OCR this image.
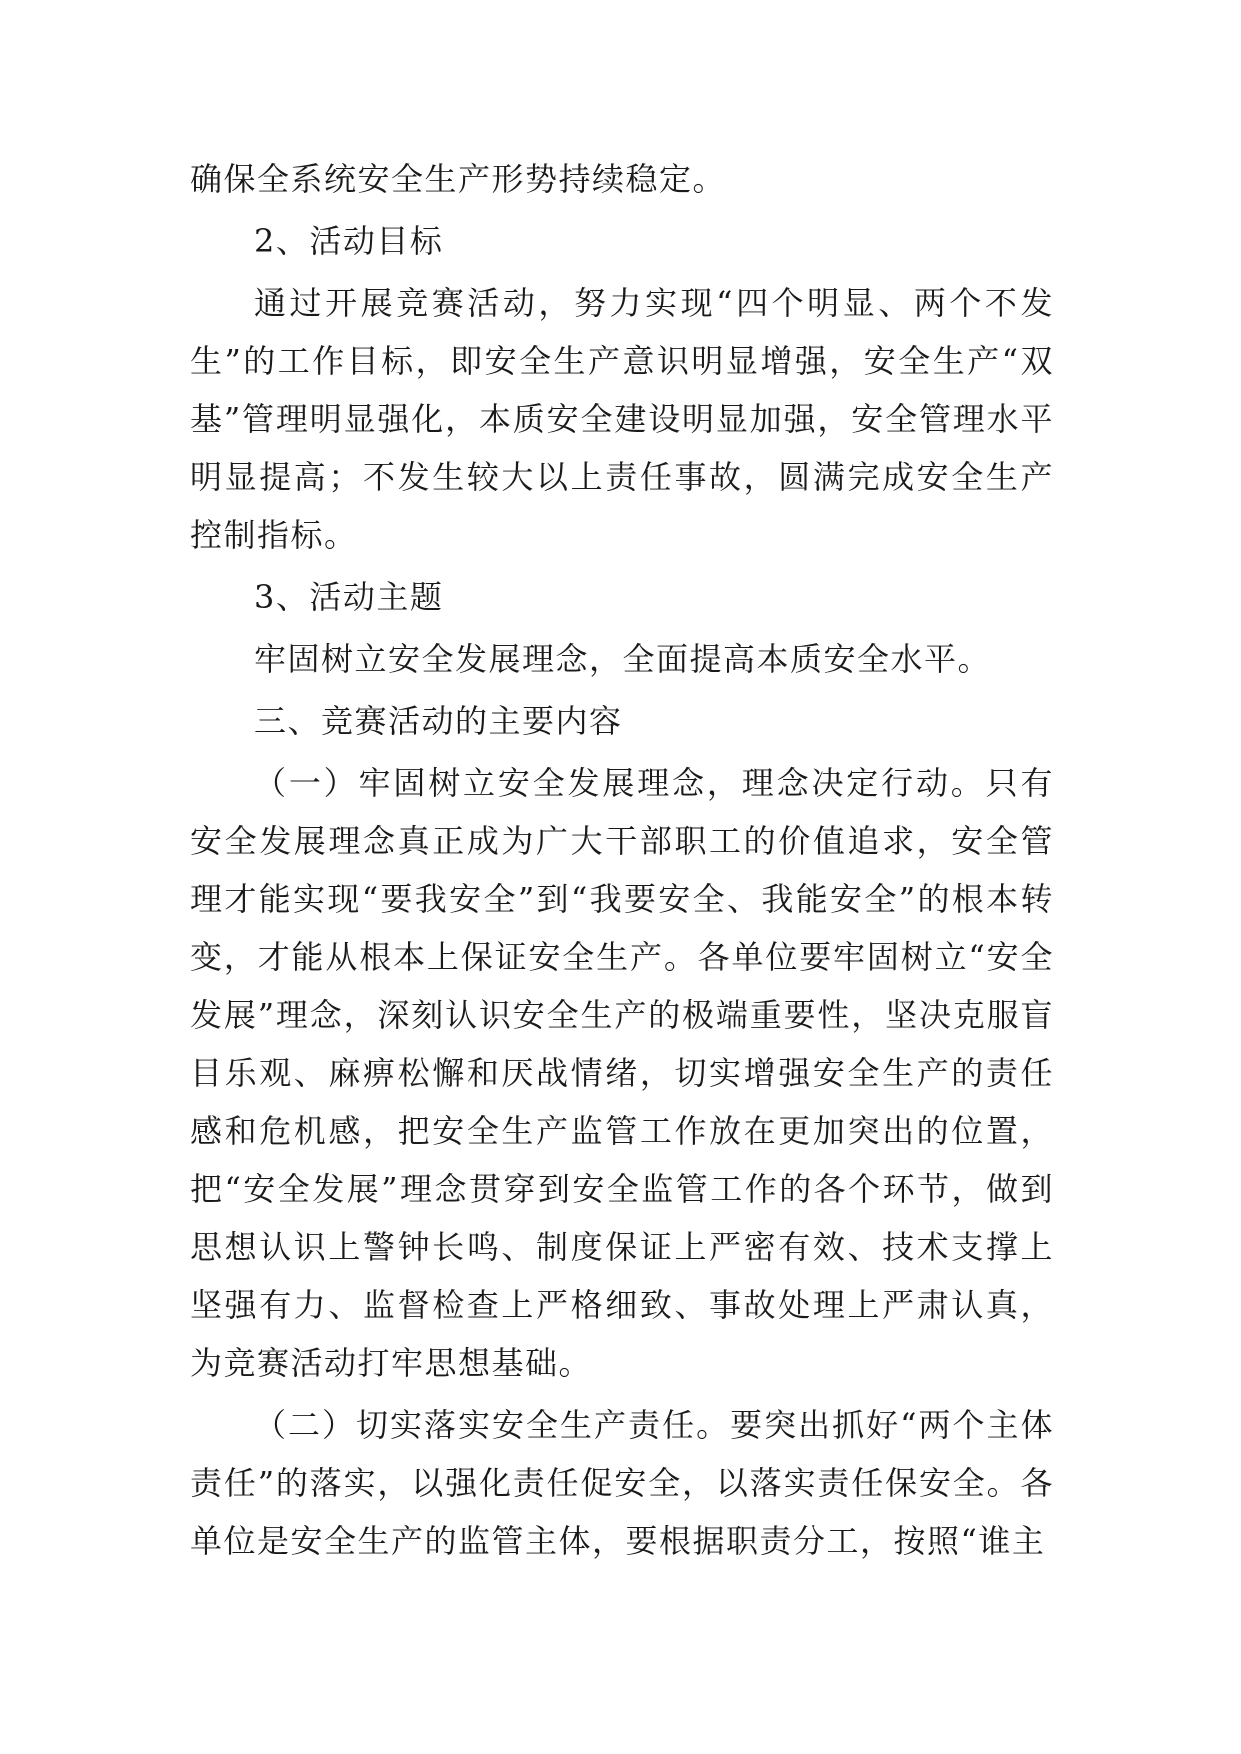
确保全系统安全生产形势持续稳定。

2、活动目标

通过开展竞赛活动，努力实现“四个明显、两个不发生”的工作目标，即安全生产意识明显增强，安全生产“双基”管理明显强化，本质安全建设明显加强，安全管理水平明显提高；不发生较大以上责任事故，圆满完成安全生产控制指标。

3、活动主题

牢固树立安全发展理念，全面提高本质安全水平。

三、竞赛活动的主要内容

（一）牢固树立安全发展理念，理念决定行动。只有安全发展理念真正成为广大干部职工的价值追求，安全管理才能实现“要我安全”到“我要安全、我能安全”的根本转变，才能从根本上保证安全生产。各单位要牢固树立“安全发展”理念，深刻认识安全生产的极端重要性，坚决克服盲目乐观、麻痹松懈和厌战情绪，切实增强安全生产的责任感和危机感，把安全生产监管工作放在更加突出的位置，把“安全发展”理念贯穿到安全监管工作的各个环节，做到思想认识上警钟长鸣、制度保证上严密有效、技术支撑上坚强有力、监督检查上严格细致、事故处理上严肃认真，为竞赛活动打牢思想基础。

（二）切实落实安全生产责任。要突出抓好“两个主体责任”的落实，以强化责任促安全，以落实责任保安全。各单位是安全生产的监管主体，要根据职责分工，按照“谁主
